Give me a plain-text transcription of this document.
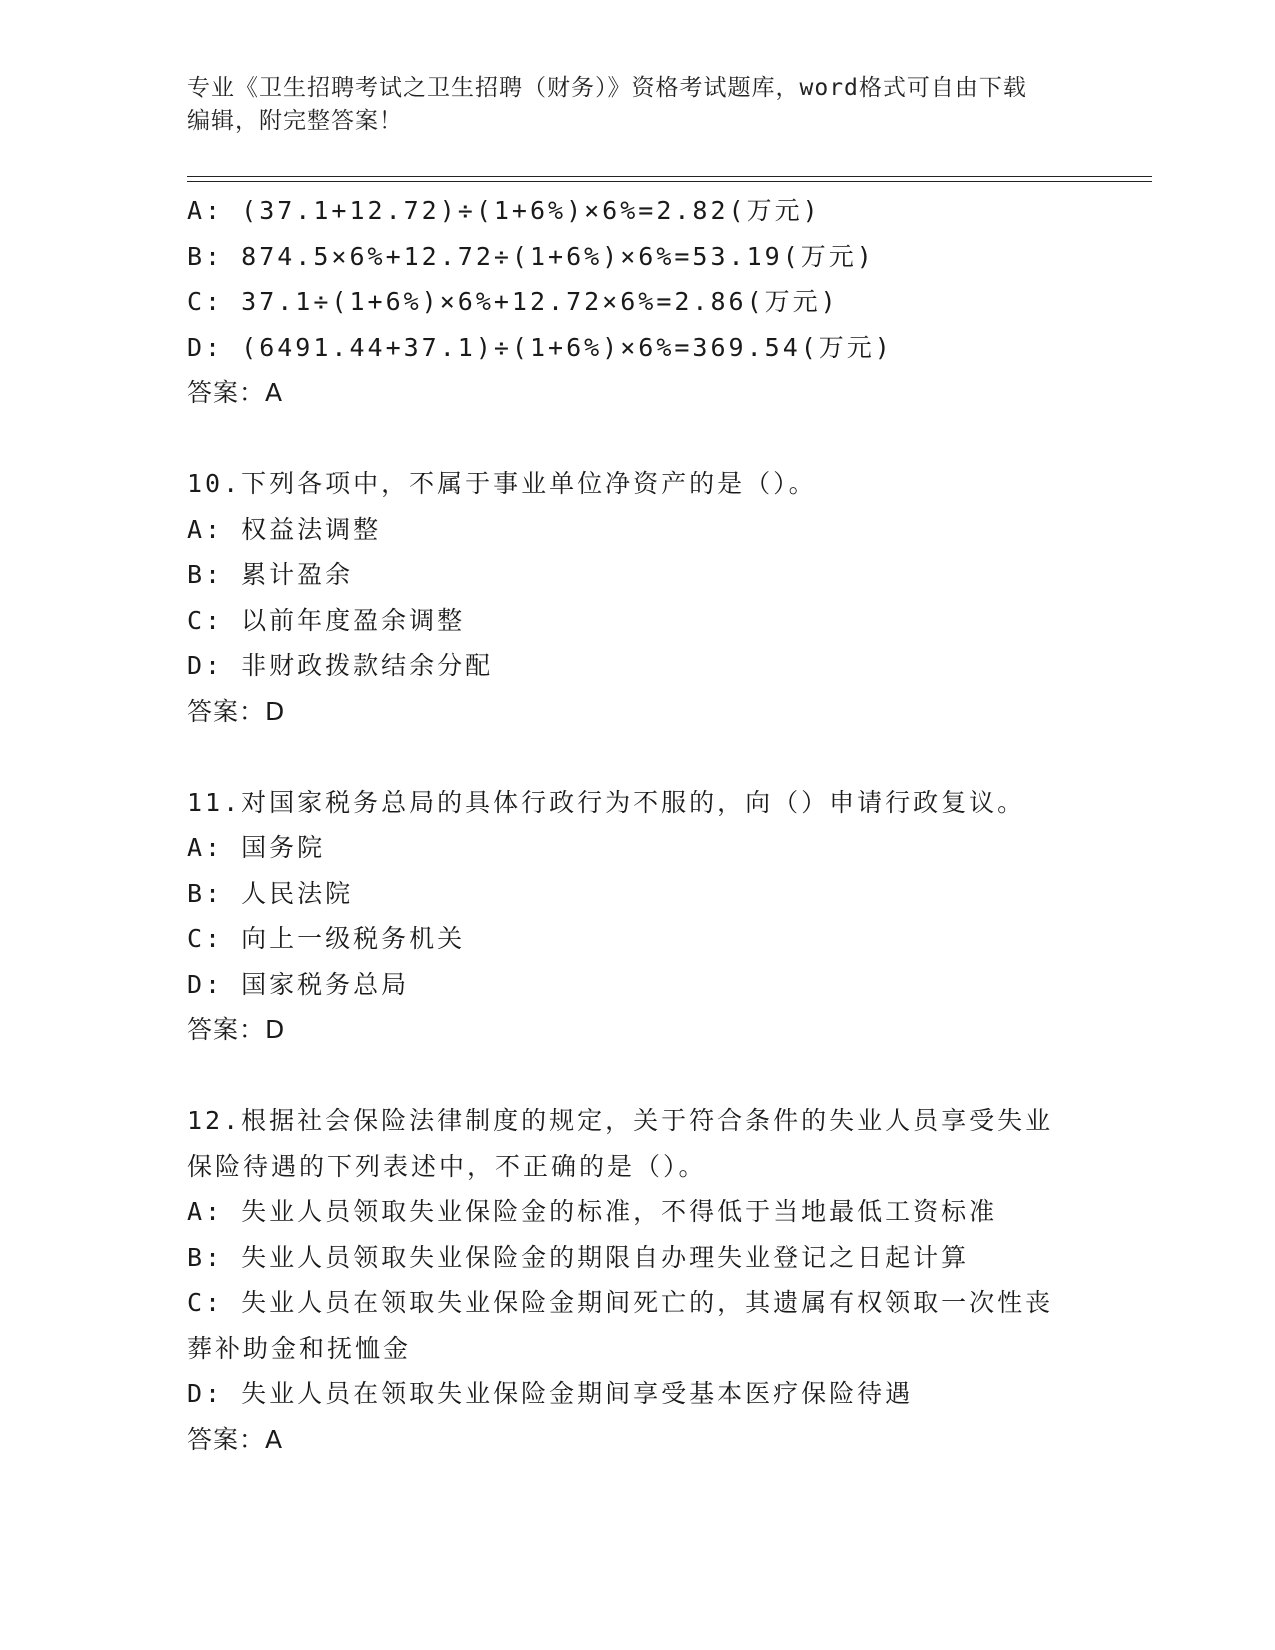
专业《卫生招聘考试之卫生招聘（财务）》资格考试题库，word格式可自由下载
编辑，附完整答案！
A: (37.1+12.72)÷(1+6%)×6%=2.82(万元)
B: 874.5×6%+12.72÷(1+6%)×6%=53.19(万元)
C: 37.1÷(1+6%)×6%+12.72×6%=2.86(万元)
D: (6491.44+37.1)÷(1+6%)×6%=369.54(万元)
答案：A
10.下列各项中，不属于事业单位净资产的是（）。
A: 权益法调整
B: 累计盈余
C: 以前年度盈余调整
D: 非财政拨款结余分配
答案：D
11.对国家税务总局的具体行政行为不服的，向（）申请行政复议。
A: 国务院
B: 人民法院
C: 向上一级税务机关
D: 国家税务总局
答案：D
12.根据社会保险法律制度的规定，关于符合条件的失业人员享受失业
保险待遇的下列表述中，不正确的是（）。
A: 失业人员领取失业保险金的标准，不得低于当地最低工资标准
B: 失业人员领取失业保险金的期限自办理失业登记之日起计算
C: 失业人员在领取失业保险金期间死亡的，其遗属有权领取一次性丧
葬补助金和抚恤金
D: 失业人员在领取失业保险金期间享受基本医疗保险待遇
答案：A
